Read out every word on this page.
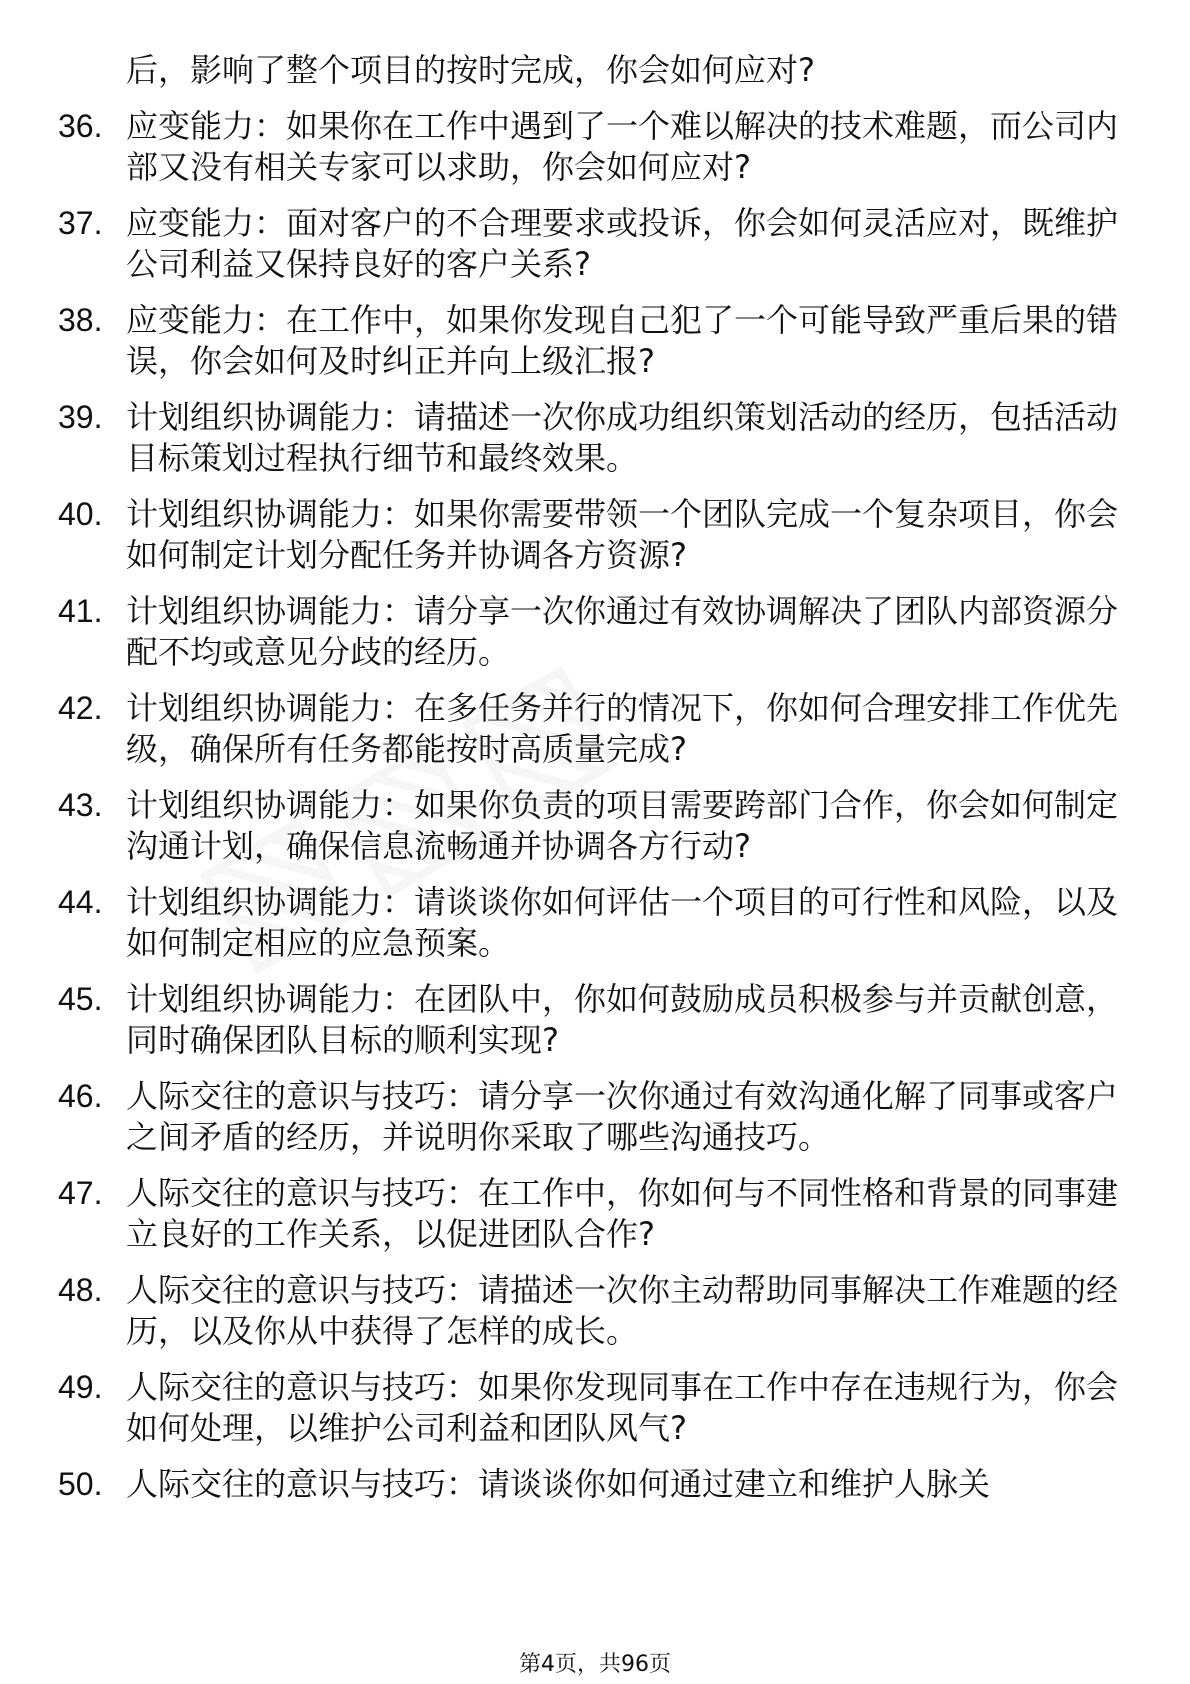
后，影响了整个项目的按时完成，你会如何应对?
36. 应变能力：如果你在工作中遇到了一个难以解决的技术难题，而公司内部又没有相关专家可以求助，你会如何应对?
37. 应变能力：面对客户的不合理要求或投诉，你会如何灵活应对，既维护公司利益又保持良好的客户关系?
38. 应变能力：在工作中，如果你发现自己犯了一个可能导致严重后果的错误，你会如何及时纠正并向上级汇报?
39. 计划组织协调能力：请描述一次你成功组织策划活动的经历，包括活动目标策划过程执行细节和最终效果。
40. 计划组织协调能力：如果你需要带领一个团队完成一个复杂项目，你会如何制定计划分配任务并协调各方资源?
41. 计划组织协调能力：请分享一次你通过有效协调解决了团队内部资源分配不均或意见分歧的经历。
42. 计划组织协调能力：在多任务并行的情况下，你如何合理安排工作优先级，确保所有任务都能按时高质量完成?
43. 计划组织协调能力：如果你负责的项目需要跨部门合作，你会如何制定沟通计划，确保信息流畅通并协调各方行动?
44. 计划组织协调能力：请谈谈你如何评估一个项目的可行性和风险，以及如何制定相应的应急预案。
45. 计划组织协调能力：在团队中，你如何鼓励成员积极参与并贡献创意，同时确保团队目标的顺利实现?
46. 人际交往的意识与技巧：请分享一次你通过有效沟通化解了同事或客户之间矛盾的经历，并说明你采取了哪些沟通技巧。
47. 人际交往的意识与技巧：在工作中，你如何与不同性格和背景的同事建立良好的工作关系，以促进团队合作?
48. 人际交往的意识与技巧：请描述一次你主动帮助同事解决工作难题的经历，以及你从中获得了怎样的成长。
49. 人际交往的意识与技巧：如果你发现同事在工作中存在违规行为，你会如何处理，以维护公司利益和团队风气?
50. 人际交往的意识与技巧：请谈谈你如何通过建立和维护人脉关
第4页，共96页
